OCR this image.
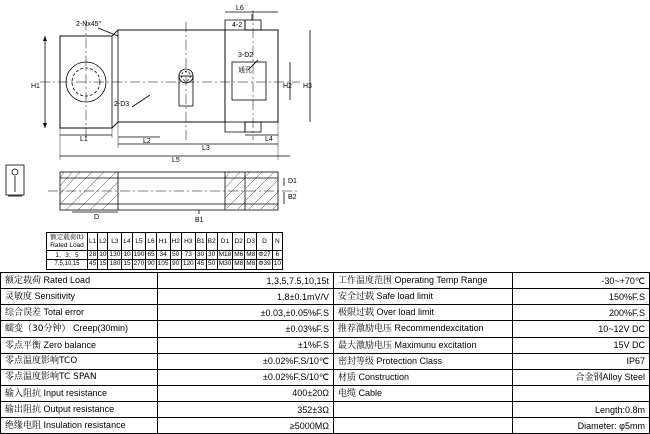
L6
2-Nx45°	4-2
H1
3-D2
通孔
H2 H3
2-D3
L1	L2	L4
L3
L5
D1
B2
D	B1
额定载荷(t)
Rated Load	L1	L2	L3	L4	L5	L6	H1	H2	H3	B1	B2	D1	D2	D3	D	N
1、3、5	28	10	130	10	190	65	34	50	73	30	30	M18	M6	M8	Φ27	6
7.5,10,15	45	15	180	15	270	90	105	90	120	45	50	M30	M8	M8	Φ39	10
额定载荷 Rated Load	1,3,5,7.5,10,15t	工作温度范围 Operating Temp Range	-30~+70℃
灵敏度 Sensitivity	1.8±0.1mV/V	安全过载 Safe load limit	150%F.S
综合误差 Total error	±0.03,±0.05%F.S	极限过载 Over load limit	200%F.S
蠕变（30分钟） Creep(30min)	±0.03%F.S	推荐激励电压 Recommendexcitation	10~12V DC
零点平衡 Zero balance	±1%F.S	最大激励电压 Maximunu excitation	15V DC
零点温度影响TCO	±0.02%F.S/10℃	密封等级 Protection Class	IP67
零点温度影响TC SPAN	±0.02%F.S/10℃	材质 Construction	合金钢Alloy Steel
输入阻抗 Input resistance	400±20Ω	电缆 Cable	
输出阻抗 Output resistance	352±3Ω		Length:0.8m
绝缘电阻 Insulation resistance	≥5000MΩ		Diameter: φ5mm
